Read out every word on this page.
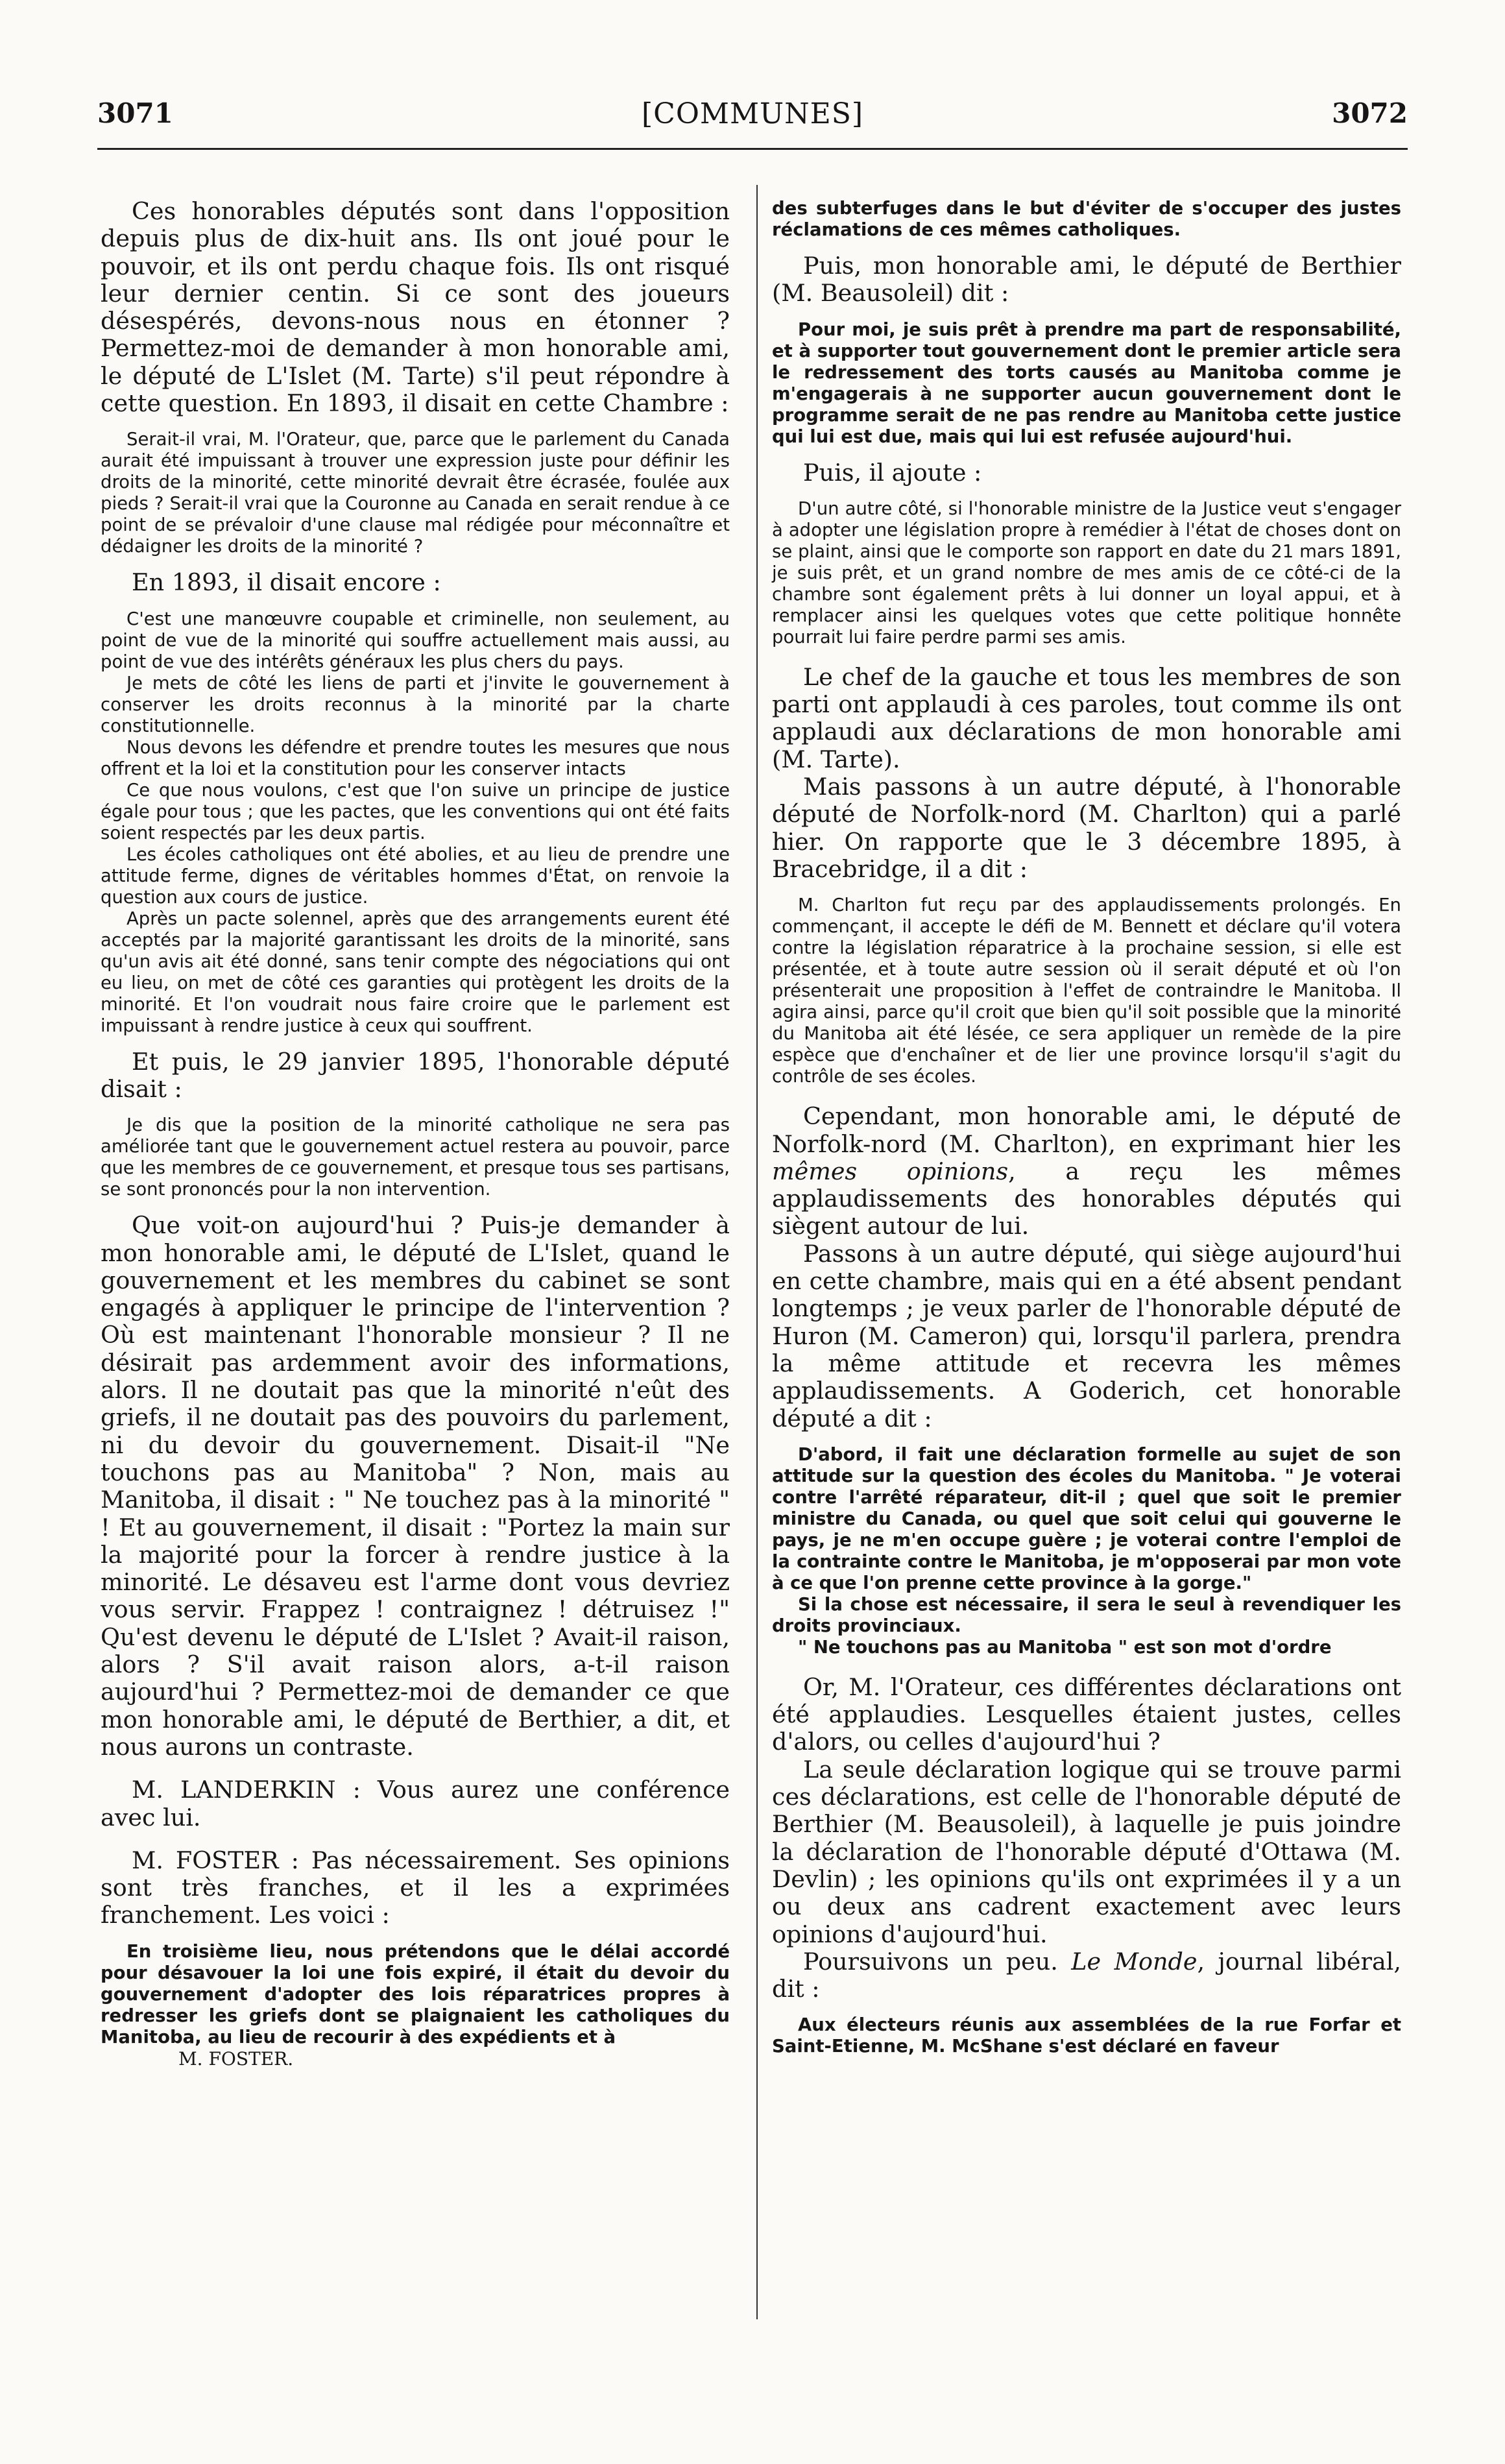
3071	[COMMUNES]	3072

Ces honorables députés sont dans l'opposition depuis plus de dix-huit ans. Ils ont joué pour le pouvoir, et ils ont perdu chaque fois. Ils ont risqué leur dernier centin. Si ce sont des joueurs désespérés, devons-nous nous en étonner ? Permettez-moi de demander à mon honorable ami, le député de L'Islet (M. Tarte) s'il peut répondre à cette question. En 1893, il disait en cette Chambre :

Serait-il vrai, M. l'Orateur, que, parce que le parlement du Canada aurait été impuissant à trouver une expression juste pour définir les droits de la minorité, cette minorité devrait être écrasée, foulée aux pieds ? Serait-il vrai que la Couronne au Canada en serait rendue à ce point de se prévaloir d'une clause mal rédigée pour méconnaître et dédaigner les droits de la minorité ?

En 1893, il disait encore :

C'est une manœuvre coupable et criminelle, non seulement, au point de vue de la minorité qui souffre actuellement mais aussi, au point de vue des intérêts généraux les plus chers du pays.

Je mets de côté les liens de parti et j'invite le gouvernement à conserver les droits reconnus à la minorité par la charte constitutionnelle.

Nous devons les défendre et prendre toutes les mesures que nous offrent et la loi et la constitution pour les conserver intacts

Ce que nous voulons, c'est que l'on suive un principe de justice égale pour tous ; que les pactes, que les conventions qui ont été faits soient respectés par les deux partis.

Les écoles catholiques ont été abolies, et au lieu de prendre une attitude ferme, dignes de véritables hommes d'État, on renvoie la question aux cours de justice.

Après un pacte solennel, après que des arrangements eurent été acceptés par la majorité garantissant les droits de la minorité, sans qu'un avis ait été donné, sans tenir compte des négociations qui ont eu lieu, on met de côté ces garanties qui protègent les droits de la minorité. Et l'on voudrait nous faire croire que le parlement est impuissant à rendre justice à ceux qui souffrent.

Et puis, le 29 janvier 1895, l'honorable député disait :

Je dis que la position de la minorité catholique ne sera pas améliorée tant que le gouvernement actuel restera au pouvoir, parce que les membres de ce gouvernement, et presque tous ses partisans, se sont prononcés pour la non intervention.

Que voit-on aujourd'hui ? Puis-je demander à mon honorable ami, le député de L'Islet, quand le gouvernement et les membres du cabinet se sont engagés à appliquer le principe de l'intervention ? Où est maintenant l'honorable monsieur ? Il ne désirait pas ardemment avoir des informations, alors. Il ne doutait pas que la minorité n'eût des griefs, il ne doutait pas des pouvoirs du parlement, ni du devoir du gouvernement. Disait-il "Ne touchons pas au Manitoba" ? Non, mais au Manitoba, il disait : " Ne touchez pas à la minorité " ! Et au gouvernement, il disait : "Portez la main sur la majorité pour la forcer à rendre justice à la minorité. Le désaveu est l'arme dont vous devriez vous servir. Frappez ! contraignez ! détruisez !" Qu'est devenu le député de L'Islet ? Avait-il raison, alors ? S'il avait raison alors, a-t-il raison aujourd'hui ? Permettez-moi de demander ce que mon honorable ami, le député de Berthier, a dit, et nous aurons un contraste.

M. LANDERKIN : Vous aurez une conférence avec lui.

M. FOSTER : Pas nécessairement. Ses opinions sont très franches, et il les a exprimées franchement. Les voici :

En troisième lieu, nous prétendons que le délai accordé pour désavouer la loi une fois expiré, il était du devoir du gouvernement d'adopter des lois réparatrices propres à redresser les griefs dont se plaignaient les catholiques du Manitoba, au lieu de recourir à des expédients et à

M. FOSTER.

des subterfuges dans le but d'éviter de s'occuper des justes réclamations de ces mêmes catholiques.

Puis, mon honorable ami, le député de Berthier (M. Beausoleil) dit :

Pour moi, je suis prêt à prendre ma part de responsabilité, et à supporter tout gouvernement dont le premier article sera le redressement des torts causés au Manitoba comme je m'engagerais à ne supporter aucun gouvernement dont le programme serait de ne pas rendre au Manitoba cette justice qui lui est due, mais qui lui est refusée aujourd'hui.

Puis, il ajoute :

D'un autre côté, si l'honorable ministre de la Justice veut s'engager à adopter une législation propre à remédier à l'état de choses dont on se plaint, ainsi que le comporte son rapport en date du 21 mars 1891, je suis prêt, et un grand nombre de mes amis de ce côté-ci de la chambre sont également prêts à lui donner un loyal appui, et à remplacer ainsi les quelques votes que cette politique honnête pourrait lui faire perdre parmi ses amis.

Le chef de la gauche et tous les membres de son parti ont applaudi à ces paroles, tout comme ils ont applaudi aux déclarations de mon honorable ami (M. Tarte).

Mais passons à un autre député, à l'honorable député de Norfolk-nord (M. Charlton) qui a parlé hier. On rapporte que le 3 décembre 1895, à Bracebridge, il a dit :

M. Charlton fut reçu par des applaudissements prolongés. En commençant, il accepte le défi de M. Bennett et déclare qu'il votera contre la législation réparatrice à la prochaine session, si elle est présentée, et à toute autre session où il serait député et où l'on présenterait une proposition à l'effet de contraindre le Manitoba. Il agira ainsi, parce qu'il croit que bien qu'il soit possible que la minorité du Manitoba ait été lésée, ce sera appliquer un remède de la pire espèce que d'enchaîner et de lier une province lorsqu'il s'agit du contrôle de ses écoles.

Cependant, mon honorable ami, le député de Norfolk-nord (M. Charlton), en exprimant hier les mêmes opinions, a reçu les mêmes applaudissements des honorables députés qui siègent autour de lui.

Passons à un autre député, qui siège aujourd'hui en cette chambre, mais qui en a été absent pendant longtemps ; je veux parler de l'honorable député de Huron (M. Cameron) qui, lorsqu'il parlera, prendra la même attitude et recevra les mêmes applaudissements. A Goderich, cet honorable député a dit :

D'abord, il fait une déclaration formelle au sujet de son attitude sur la question des écoles du Manitoba. " Je voterai contre l'arrêté réparateur, dit-il ; quel que soit le premier ministre du Canada, ou quel que soit celui qui gouverne le pays, je ne m'en occupe guère ; je voterai contre l'emploi de la contrainte contre le Manitoba, je m'opposerai par mon vote à ce que l'on prenne cette province à la gorge."

Si la chose est nécessaire, il sera le seul à revendiquer les droits provinciaux.

" Ne touchons pas au Manitoba " est son mot d'ordre

Or, M. l'Orateur, ces différentes déclarations ont été applaudies. Lesquelles étaient justes, celles d'alors, ou celles d'aujourd'hui ?

La seule déclaration logique qui se trouve parmi ces déclarations, est celle de l'honorable député de Berthier (M. Beausoleil), à laquelle je puis joindre la déclaration de l'honorable député d'Ottawa (M. Devlin) ; les opinions qu'ils ont exprimées il y a un ou deux ans cadrent exactement avec leurs opinions d'aujourd'hui.

Poursuivons un peu. Le Monde, journal libéral, dit :

Aux électeurs réunis aux assemblées de la rue Forfar et Saint-Etienne, M. McShane s'est déclaré en faveur
